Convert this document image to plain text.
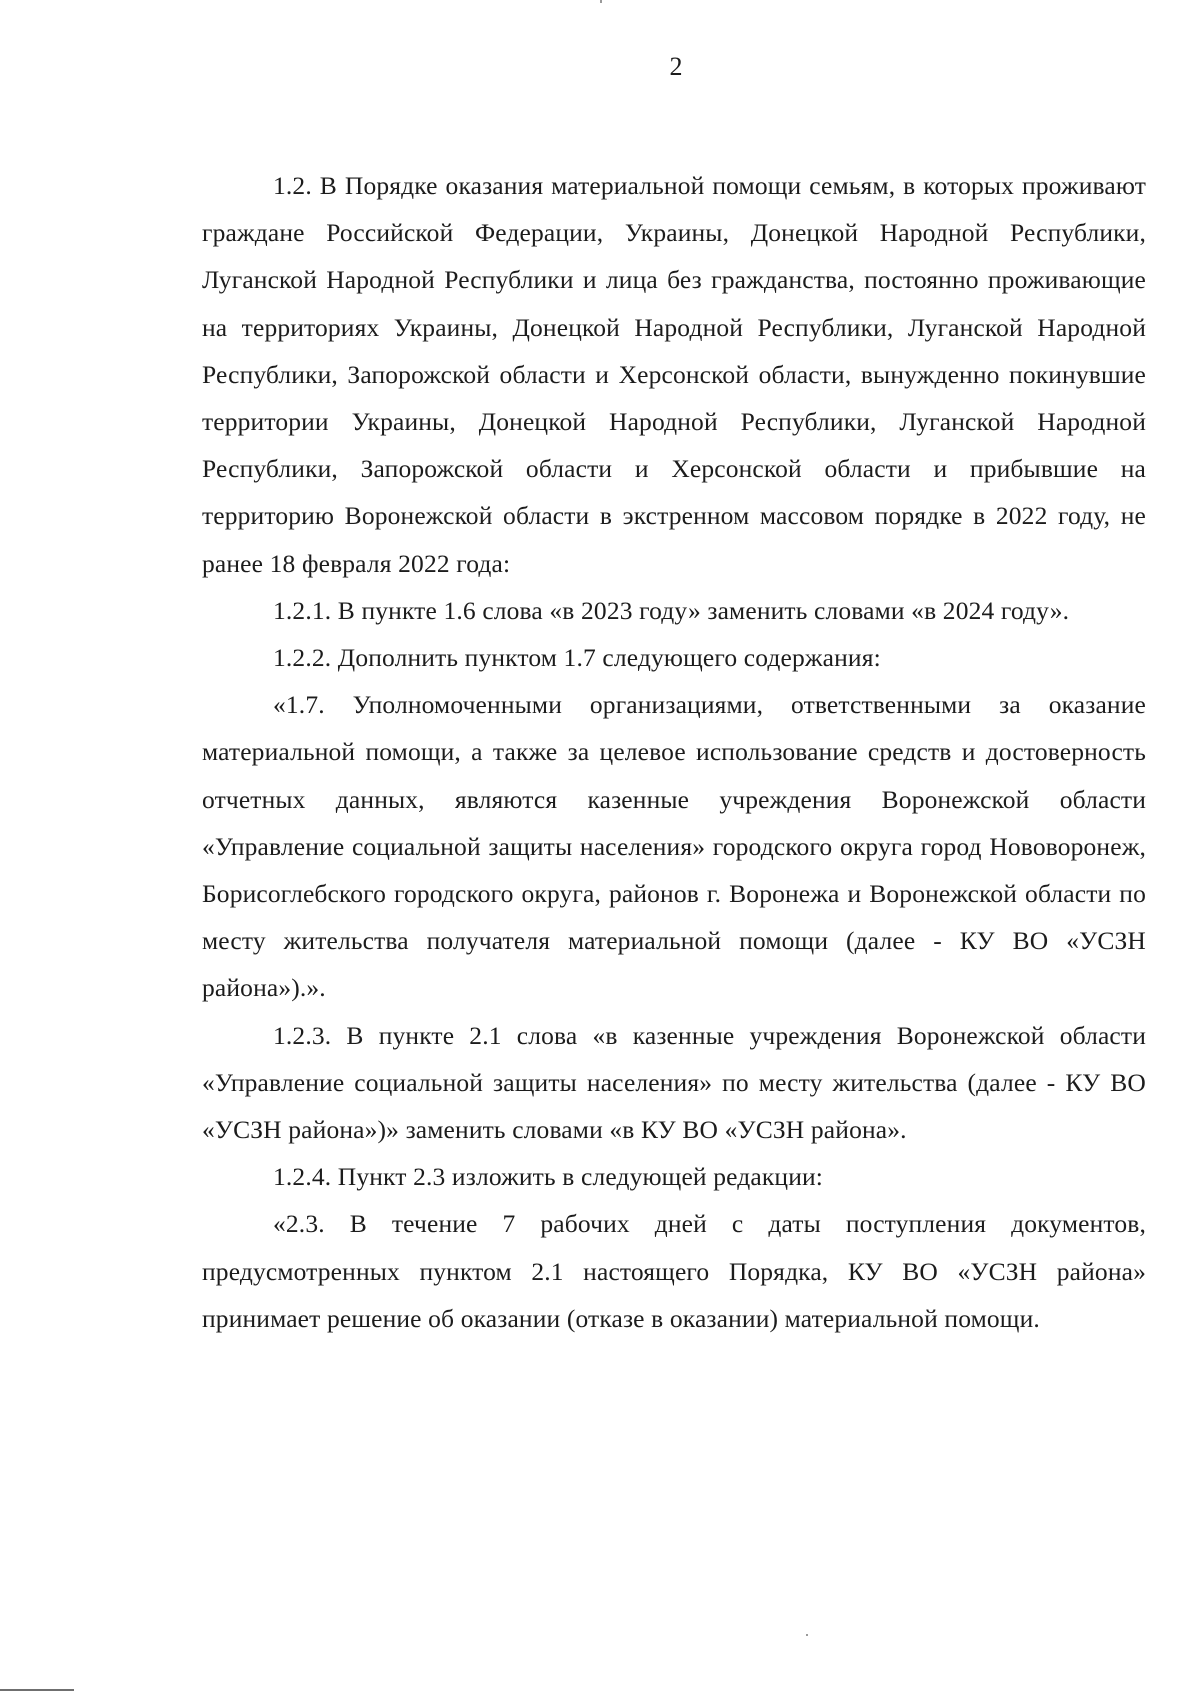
2

1.2. В Порядке оказания материальной помощи семьям, в которых проживают граждане Российской Федерации, Украины, Донецкой Народной Республики, Луганской Народной Республики и лица без гражданства, постоянно проживающие на территориях Украины, Донецкой Народной Республики, Луганской Народной Республики, Запорожской области и Херсонской области, вынужденно покинувшие территории Украины, Донецкой Народной Республики, Луганской Народной Республики, Запорожской области и Херсонской области и прибывшие на территорию Воронежской области в экстренном массовом порядке в 2022 году, не ранее 18 февраля 2022 года:

1.2.1. В пункте 1.6 слова «в 2023 году» заменить словами «в 2024 году».

1.2.2. Дополнить пунктом 1.7 следующего содержания:

«1.7. Уполномоченными организациями, ответственными за оказание материальной помощи, а также за целевое использование средств и достоверность отчетных данных, являются казенные учреждения Воронежской области «Управление социальной защиты населения» городского округа город Нововоронеж, Борисоглебского городского округа, районов г. Воронежа и Воронежской области по месту жительства получателя материальной помощи (далее - КУ ВО «УСЗН района»).».

1.2.3. В пункте 2.1 слова «в казенные учреждения Воронежской области «Управление социальной защиты населения» по месту жительства (далее - КУ ВО «УСЗН района»)» заменить словами «в КУ ВО «УСЗН района».

1.2.4. Пункт 2.3 изложить в следующей редакции:

«2.3. В течение 7 рабочих дней с даты поступления документов, предусмотренных пунктом 2.1 настоящего Порядка, КУ ВО «УСЗН района» принимает решение об оказании (отказе в оказании) материальной помощи.
